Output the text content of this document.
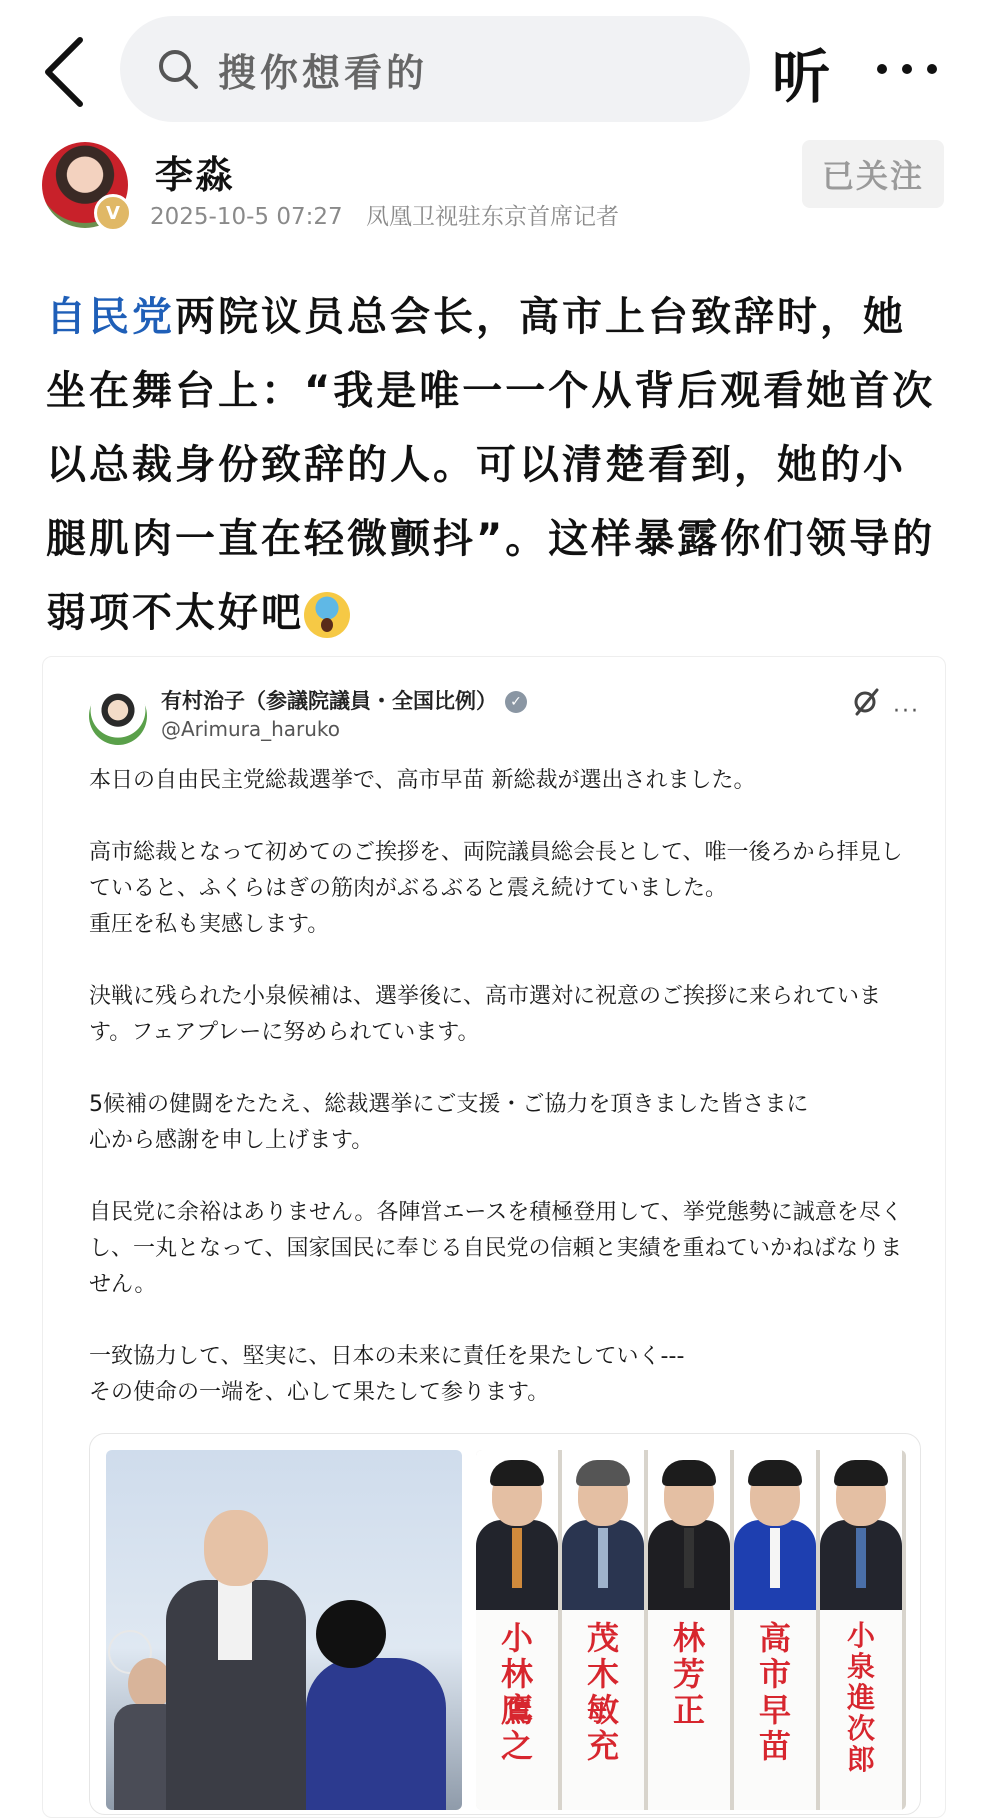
搜你想看的	听
V
李淼
2025-10-5 07:27 凤凰卫视驻东京首席记者
已关注
自民党两院议员总会长，高市上台致辞时，她坐在舞台上：“我是唯一一个从背后观看她首次以总裁身份致辞的人。可以清楚看到，她的小腿肌肉一直在轻微颤抖”。这样暴露你们领导的弱项不太好吧
有村治子（参議院議員・全国比例） ✓
@Arimura_haruko
···

本日の自由民主党総裁選挙で、高市早苗 新総裁が選出されました。

高市総裁となって初めてのご挨拶を、両院議員総会長として、唯一後ろから拝見していると、ふくらはぎの筋肉がぶるぶると震え続けていました。
重圧を私も実感します。

決戦に残られた小泉候補は、選挙後に、高市選対に祝意のご挨拶に来られています。フェアプレーに努められています。

5候補の健闘をたたえ、総裁選挙にご支援・ご協力を頂きました皆さまに
心から感謝を申し上げます。

自民党に余裕はありません。各陣営エースを積極登用して、挙党態勢に誠意を尽くし、一丸となって、国家国民に奉じる自民党の信頼と実績を重ねていかねばなりません。

一致協力して、堅実に、日本の未来に責任を果たしていく---
その使命の一端を、心して果たして参ります。

小林鷹之
茂木敏充
林 芳正
高市早苗
小泉進次郎
